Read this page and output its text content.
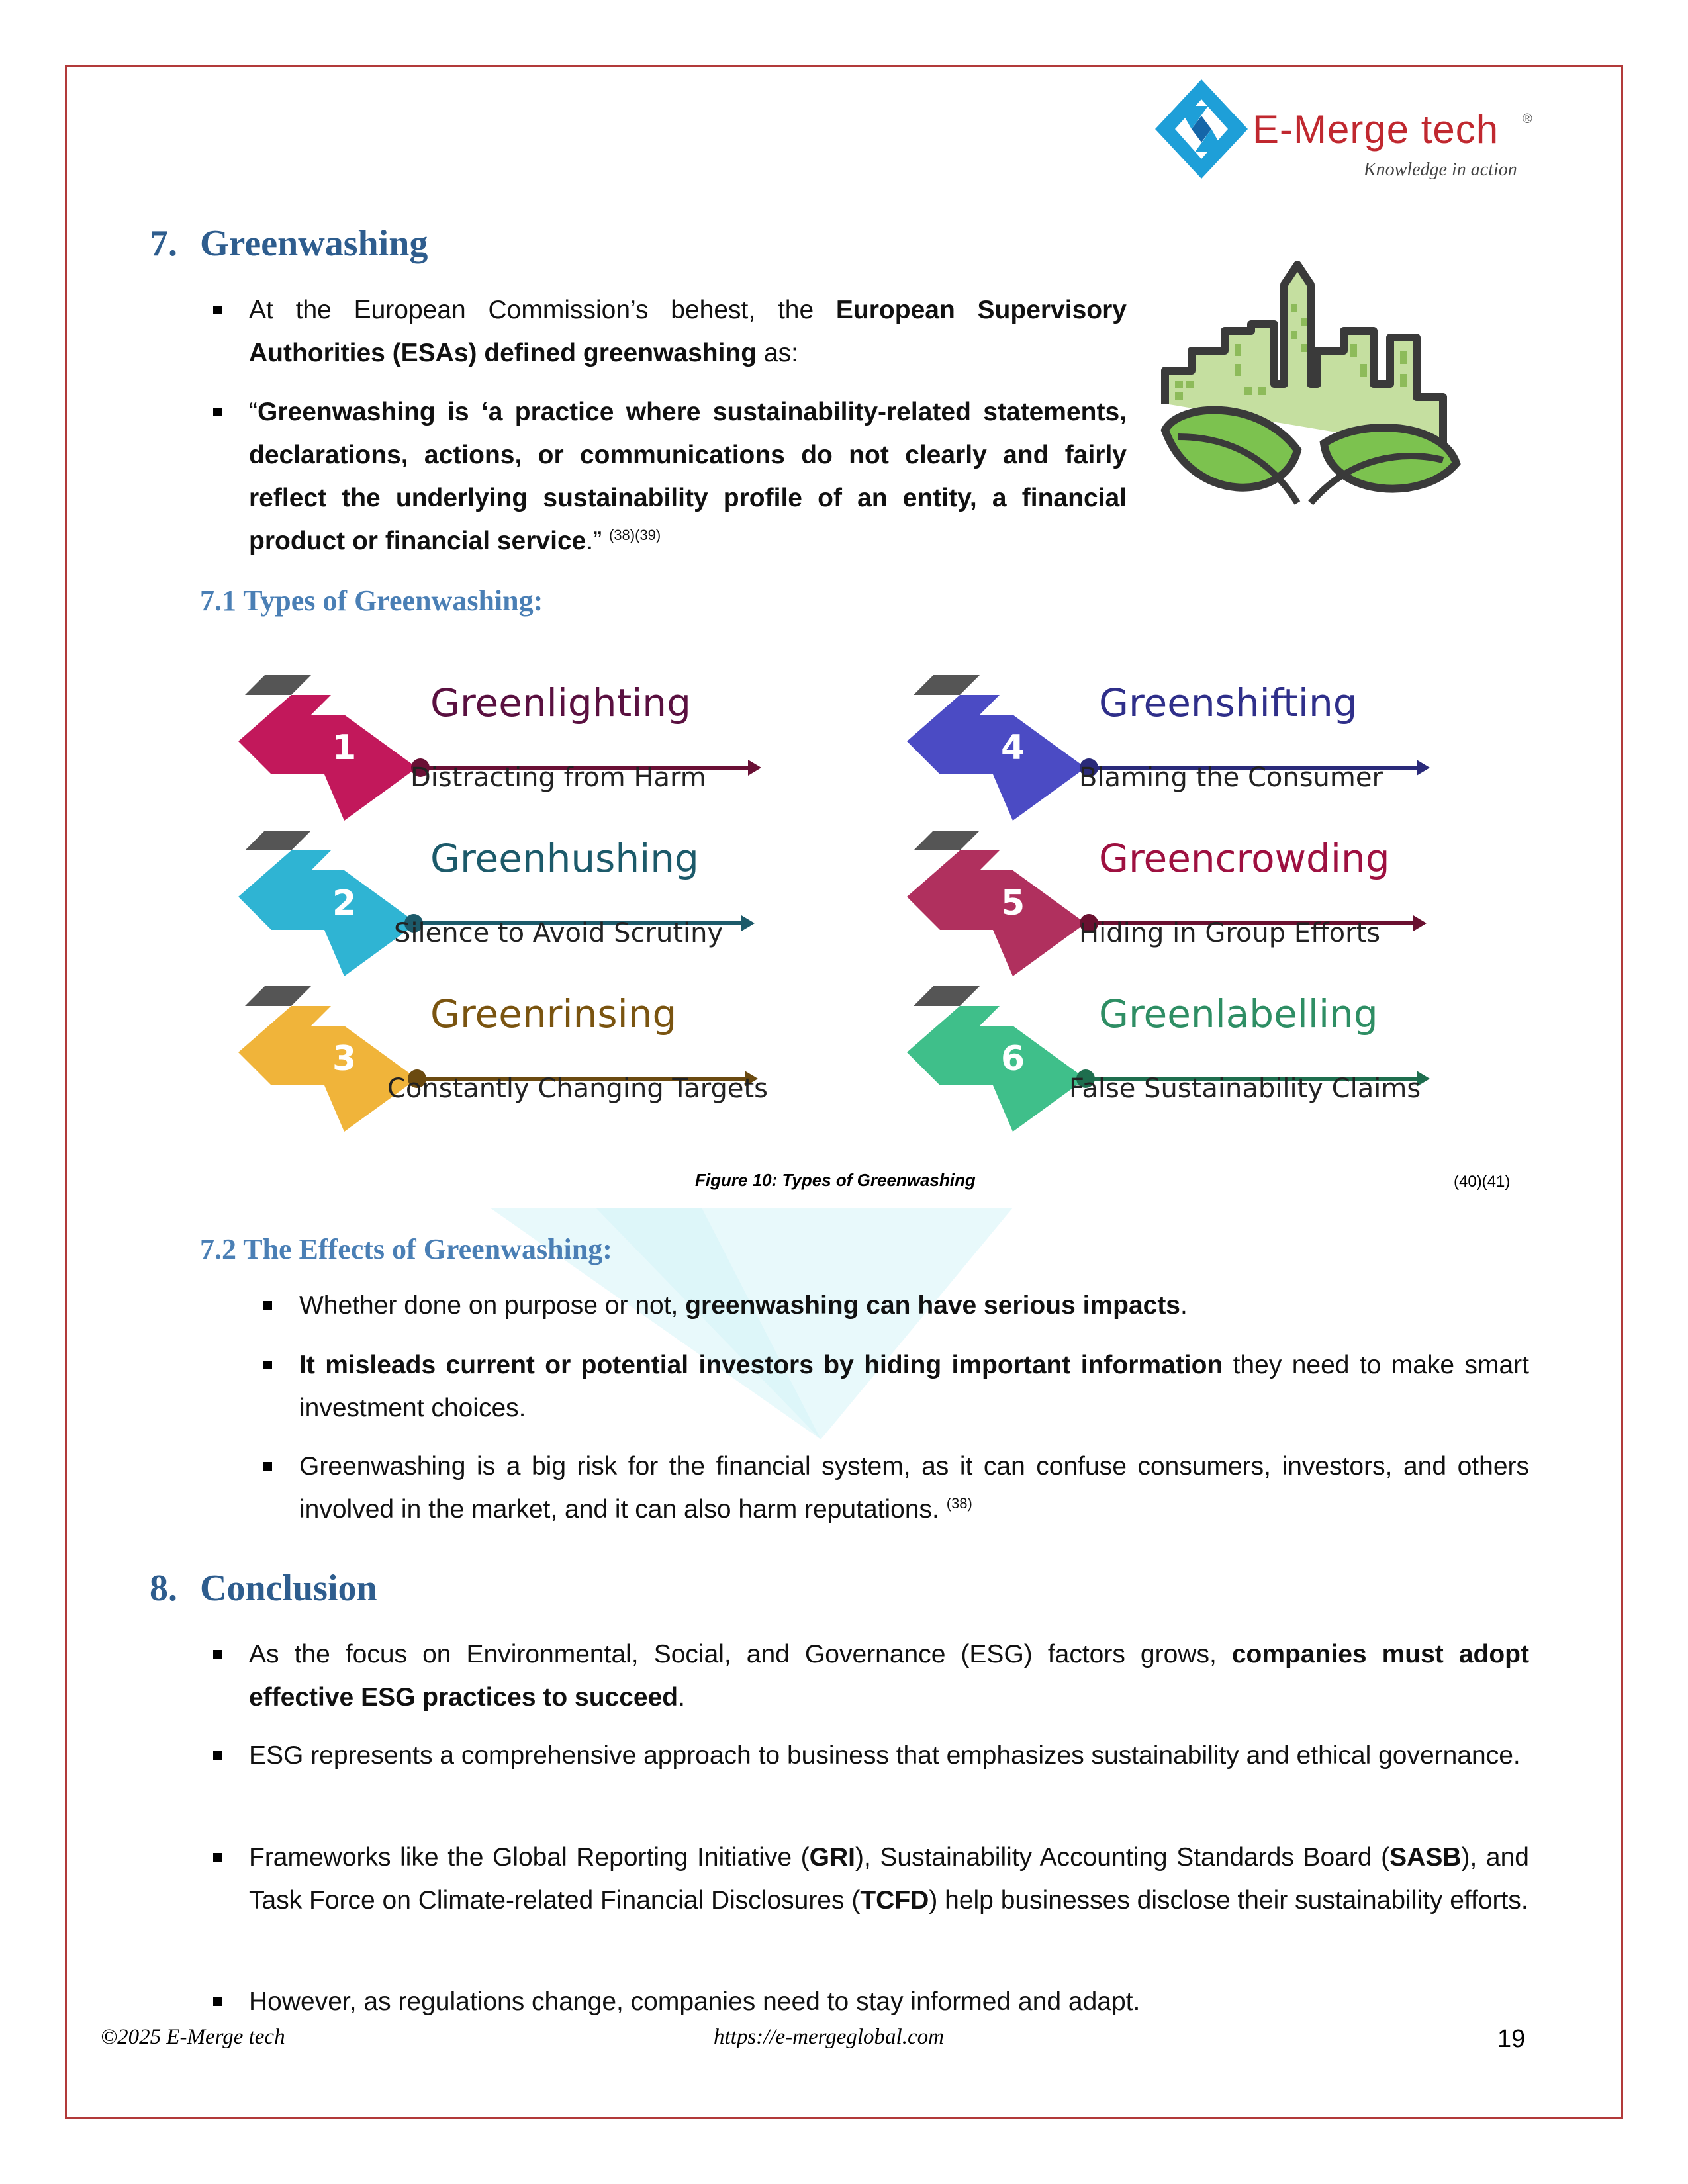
E-Merge tech ®
Knowledge in action
7. Greenwashing
At the European Commission’s behest, the European Supervisory Authorities (ESAs) defined greenwashing as:
“Greenwashing is ‘a practice where sustainability-related statements, declarations, actions, or communications do not clearly and fairly reflect the underlying sustainability profile of an entity, a financial product or financial service.” $^{(38)(39)}$
7.1 Types of Greenwashing:
1
Greenlighting
Distracting from Harm
2
Greenhushing
Silence to Avoid Scrutiny
3
Greenrinsing
Constantly Changing Targets
4
Greenshifting
Blaming the Consumer
5
Greencrowding
Hiding in Group Efforts
6
Greenlabelling
False Sustainability Claims
Figure 10: Types of Greenwashing	(40)(41)
7.2 The Effects of Greenwashing:
Whether done on purpose or not, greenwashing can have serious impacts.
It misleads current or potential investors by hiding important information they need to make smart investment choices.
Greenwashing is a big risk for the financial system, as it can confuse consumers, investors, and others involved in the market, and it can also harm reputations. $^{(38)}$
8. Conclusion
As the focus on Environmental, Social, and Governance (ESG) factors grows, companies must adopt effective ESG practices to succeed.
ESG represents a comprehensive approach to business that emphasizes sustainability and ethical governance.
Frameworks like the Global Reporting Initiative (GRI), Sustainability Accounting Standards Board (SASB), and Task Force on Climate-related Financial Disclosures (TCFD) help businesses disclose their sustainability efforts.
However, as regulations change, companies need to stay informed and adapt.
©2025 E-Merge tech	https://e-mergeglobal.com	19
